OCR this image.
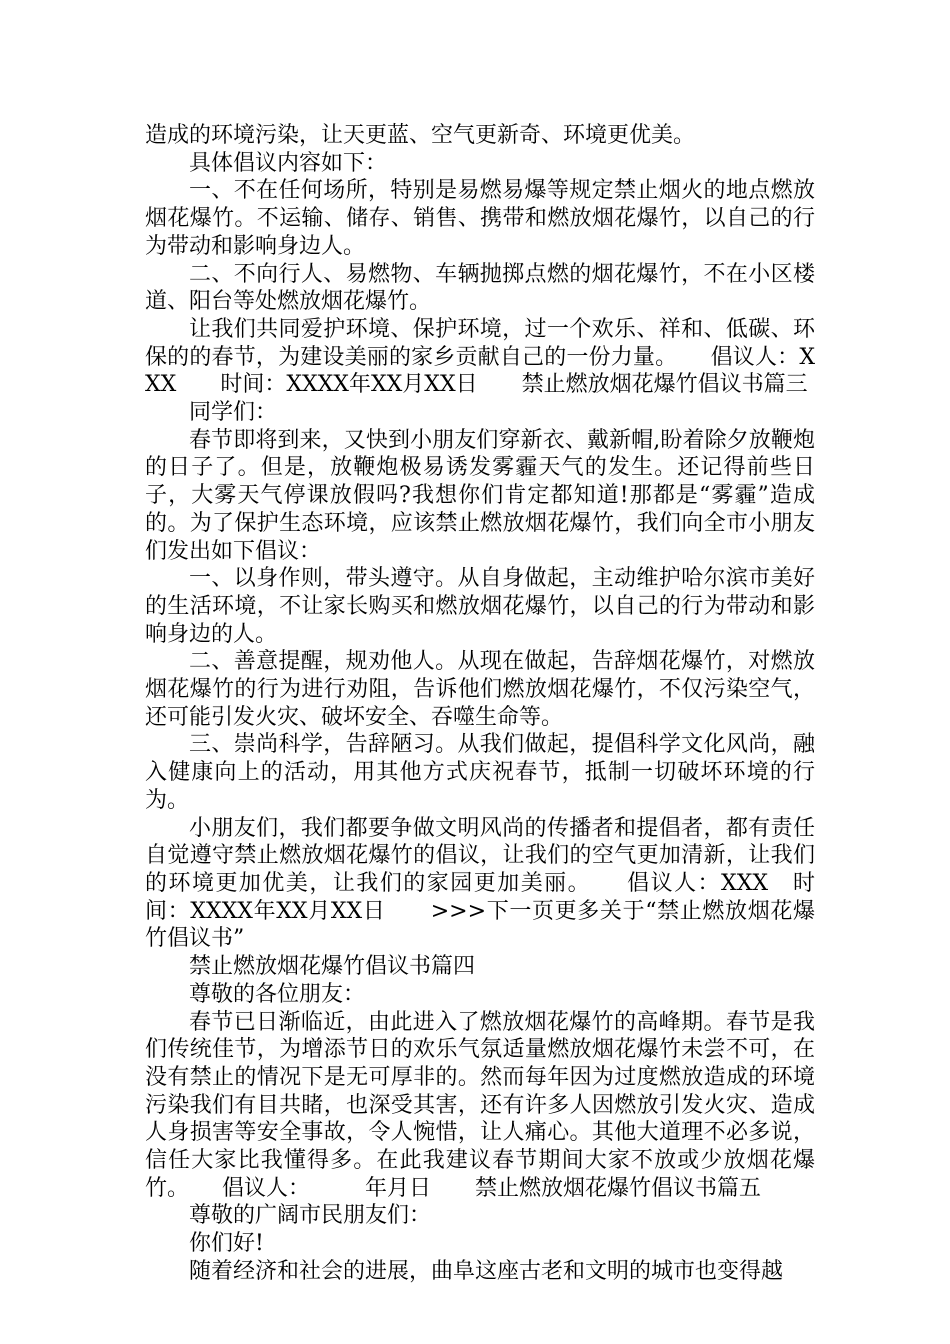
造成的环境污染，让天更蓝、空气更新奇、环境更优美。

具体倡议内容如下：

一、不在任何场所，特别是易燃易爆等规定禁止烟火的地点燃放烟花爆竹。不运输、储存、销售、携带和燃放烟花爆竹，以自己的行为带动和影响身边人。

二、不向行人、易燃物、车辆抛掷点燃的烟花爆竹，不在小区楼道、阳台等处燃放烟花爆竹。

让我们共同爱护环境、保护环境，过一个欢乐、祥和、低碳、环保的的春节，为建设美丽的家乡贡献自己的一份力量。　　倡议人：XXX　　时间：XXXX年XX月XX日　　禁止燃放烟花爆竹倡议书篇三

同学们：

春节即将到来，又快到小朋友们穿新衣、戴新帽,盼着除夕放鞭炮的日子了。但是，放鞭炮极易诱发雾霾天气的发生。还记得前些日子，大雾天气停课放假吗?我想你们肯定都知道!那都是“雾霾”造成的。为了保护生态环境，应该禁止燃放烟花爆竹，我们向全市小朋友们发出如下倡议：

一、以身作则，带头遵守。从自身做起，主动维护哈尔滨市美好的生活环境，不让家长购买和燃放烟花爆竹，以自己的行为带动和影响身边的人。

二、善意提醒，规劝他人。从现在做起，告辞烟花爆竹，对燃放烟花爆竹的行为进行劝阻，告诉他们燃放烟花爆竹，不仅污染空气，还可能引发火灾、破坏安全、吞噬生命等。

三、崇尚科学，告辞陋习。从我们做起，提倡科学文化风尚，融入健康向上的活动，用其他方式庆祝春节，抵制一切破坏环境的行为。

小朋友们，我们都要争做文明风尚的传播者和提倡者，都有责任自觉遵守禁止燃放烟花爆竹的倡议，让我们的空气更加清新，让我们的环境更加优美，让我们的家园更加美丽。　　倡议人：XXX　时间：XXXX年XX月XX日　　>>>下一页更多关于“禁止燃放烟花爆竹倡议书”

禁止燃放烟花爆竹倡议书篇四

尊敬的各位朋友：

春节已日渐临近，由此进入了燃放烟花爆竹的高峰期。春节是我们传统佳节，为增添节日的欢乐气氛适量燃放烟花爆竹未尝不可，在没有禁止的情况下是无可厚非的。然而每年因为过度燃放造成的环境污染我们有目共睹，也深受其害，还有许多人因燃放引发火灾、造成人身损害等安全事故，令人惋惜，让人痛心。其他大道理不必多说，信任大家比我懂得多。在此我建议春节期间大家不放或少放烟花爆竹。　　倡议人：　　　年月日　　禁止燃放烟花爆竹倡议书篇五

尊敬的广阔市民朋友们：

你们好!

随着经济和社会的进展，曲阜这座古老和文明的城市也变得越
